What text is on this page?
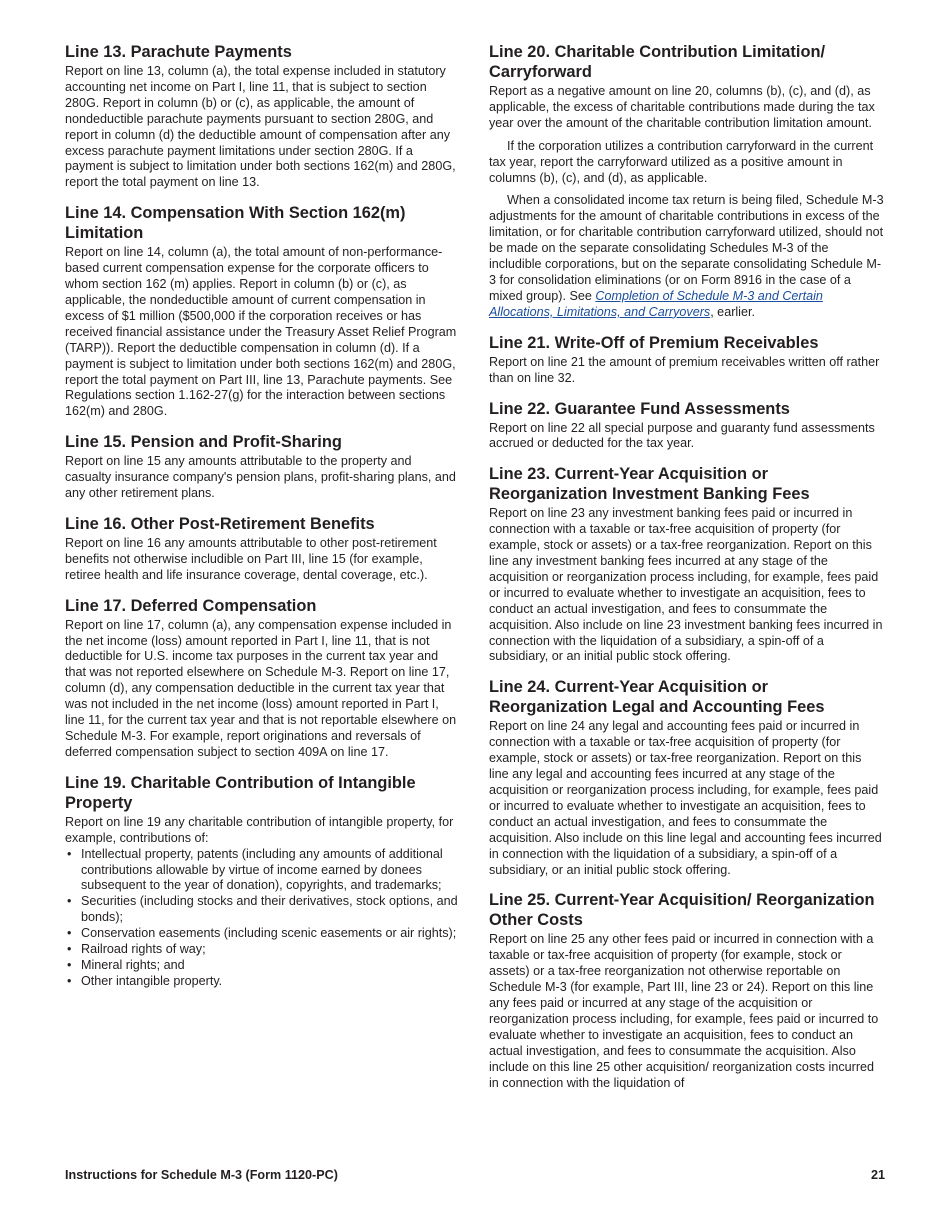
Line 13. Parachute Payments

Report on line 13, column (a), the total expense included in statutory accounting net income on Part I, line 11, that is subject to section 280G. Report in column (b) or (c), as applicable, the amount of nondeductible parachute payments pursuant to section 280G, and report in column (d) the deductible amount of compensation after any excess parachute payment limitations under section 280G. If a payment is subject to limitation under both sections 162(m) and 280G, report the total payment on line 13.

Line 14. Compensation With Section 162(m) Limitation

Report on line 14, column (a), the total amount of non-performance-based current compensation expense for the corporate officers to whom section 162 (m) applies. Report in column (b) or (c), as applicable, the nondeductible amount of current compensation in excess of $1 million ($500,000 if the corporation receives or has received financial assistance under the Treasury Asset Relief Program (TARP)). Report the deductible compensation in column (d). If a payment is subject to limitation under both sections 162(m) and 280G, report the total payment on Part III, line 13, Parachute payments. See Regulations section 1.162-27(g) for the interaction between sections 162(m) and 280G.

Line 15. Pension and Profit-Sharing

Report on line 15 any amounts attributable to the property and casualty insurance company's pension plans, profit-sharing plans, and any other retirement plans.

Line 16. Other Post-Retirement Benefits

Report on line 16 any amounts attributable to other post-retirement benefits not otherwise includible on Part III, line 15 (for example, retiree health and life insurance coverage, dental coverage, etc.).

Line 17. Deferred Compensation

Report on line 17, column (a), any compensation expense included in the net income (loss) amount reported in Part I, line 11, that is not deductible for U.S. income tax purposes in the current tax year and that was not reported elsewhere on Schedule M-3. Report on line 17, column (d), any compensation deductible in the current tax year that was not included in the net income (loss) amount reported in Part I, line 11, for the current tax year and that is not reportable elsewhere on Schedule M-3. For example, report originations and reversals of deferred compensation subject to section 409A on line 17.

Line 19. Charitable Contribution of Intangible Property

Report on line 19 any charitable contribution of intangible property, for example, contributions of:

• Intellectual property, patents (including any amounts of additional contributions allowable by virtue of income earned by donees subsequent to the year of donation), copyrights, and trademarks;
• Securities (including stocks and their derivatives, stock options, and bonds);
• Conservation easements (including scenic easements or air rights);
• Railroad rights of way;
• Mineral rights; and
• Other intangible property.
Line 20. Charitable Contribution Limitation/ Carryforward

Report as a negative amount on line 20, columns (b), (c), and (d), as applicable, the excess of charitable contributions made during the tax year over the amount of the charitable contribution limitation amount.

If the corporation utilizes a contribution carryforward in the current tax year, report the carryforward utilized as a positive amount in columns (b), (c), and (d), as applicable.

When a consolidated income tax return is being filed, Schedule M-3 adjustments for the amount of charitable contributions in excess of the limitation, or for charitable contribution carryforward utilized, should not be made on the separate consolidating Schedules M-3 of the includible corporations, but on the separate consolidating Schedule M-3 for consolidation eliminations (or on Form 8916 in the case of a mixed group). See Completion of Schedule M-3 and Certain Allocations, Limitations, and Carryovers, earlier.

Line 21. Write-Off of Premium Receivables

Report on line 21 the amount of premium receivables written off rather than on line 32.

Line 22. Guarantee Fund Assessments

Report on line 22 all special purpose and guaranty fund assessments accrued or deducted for the tax year.

Line 23. Current-Year Acquisition or Reorganization Investment Banking Fees

Report on line 23 any investment banking fees paid or incurred in connection with a taxable or tax-free acquisition of property (for example, stock or assets) or a tax-free reorganization. Report on this line any investment banking fees incurred at any stage of the acquisition or reorganization process including, for example, fees paid or incurred to evaluate whether to investigate an acquisition, fees to conduct an actual investigation, and fees to consummate the acquisition. Also include on line 23 investment banking fees incurred in connection with the liquidation of a subsidiary, a spin-off of a subsidiary, or an initial public stock offering.

Line 24. Current-Year Acquisition or Reorganization Legal and Accounting Fees

Report on line 24 any legal and accounting fees paid or incurred in connection with a taxable or tax-free acquisition of property (for example, stock or assets) or tax-free reorganization. Report on this line any legal and accounting fees incurred at any stage of the acquisition or reorganization process including, for example, fees paid or incurred to evaluate whether to investigate an acquisition, fees to conduct an actual investigation, and fees to consummate the acquisition. Also include on this line legal and accounting fees incurred in connection with the liquidation of a subsidiary, a spin-off of a subsidiary, or an initial public stock offering.

Line 25. Current-Year Acquisition/ Reorganization Other Costs

Report on line 25 any other fees paid or incurred in connection with a taxable or tax-free acquisition of property (for example, stock or assets) or a tax-free reorganization not otherwise reportable on Schedule M-3 (for example, Part III, line 23 or 24). Report on this line any fees paid or incurred at any stage of the acquisition or reorganization process including, for example, fees paid or incurred to evaluate whether to investigate an acquisition, fees to conduct an actual investigation, and fees to consummate the acquisition. Also include on this line 25 other acquisition/ reorganization costs incurred in connection with the liquidation of

Instructions for Schedule M-3 (Form 1120-PC)	21
